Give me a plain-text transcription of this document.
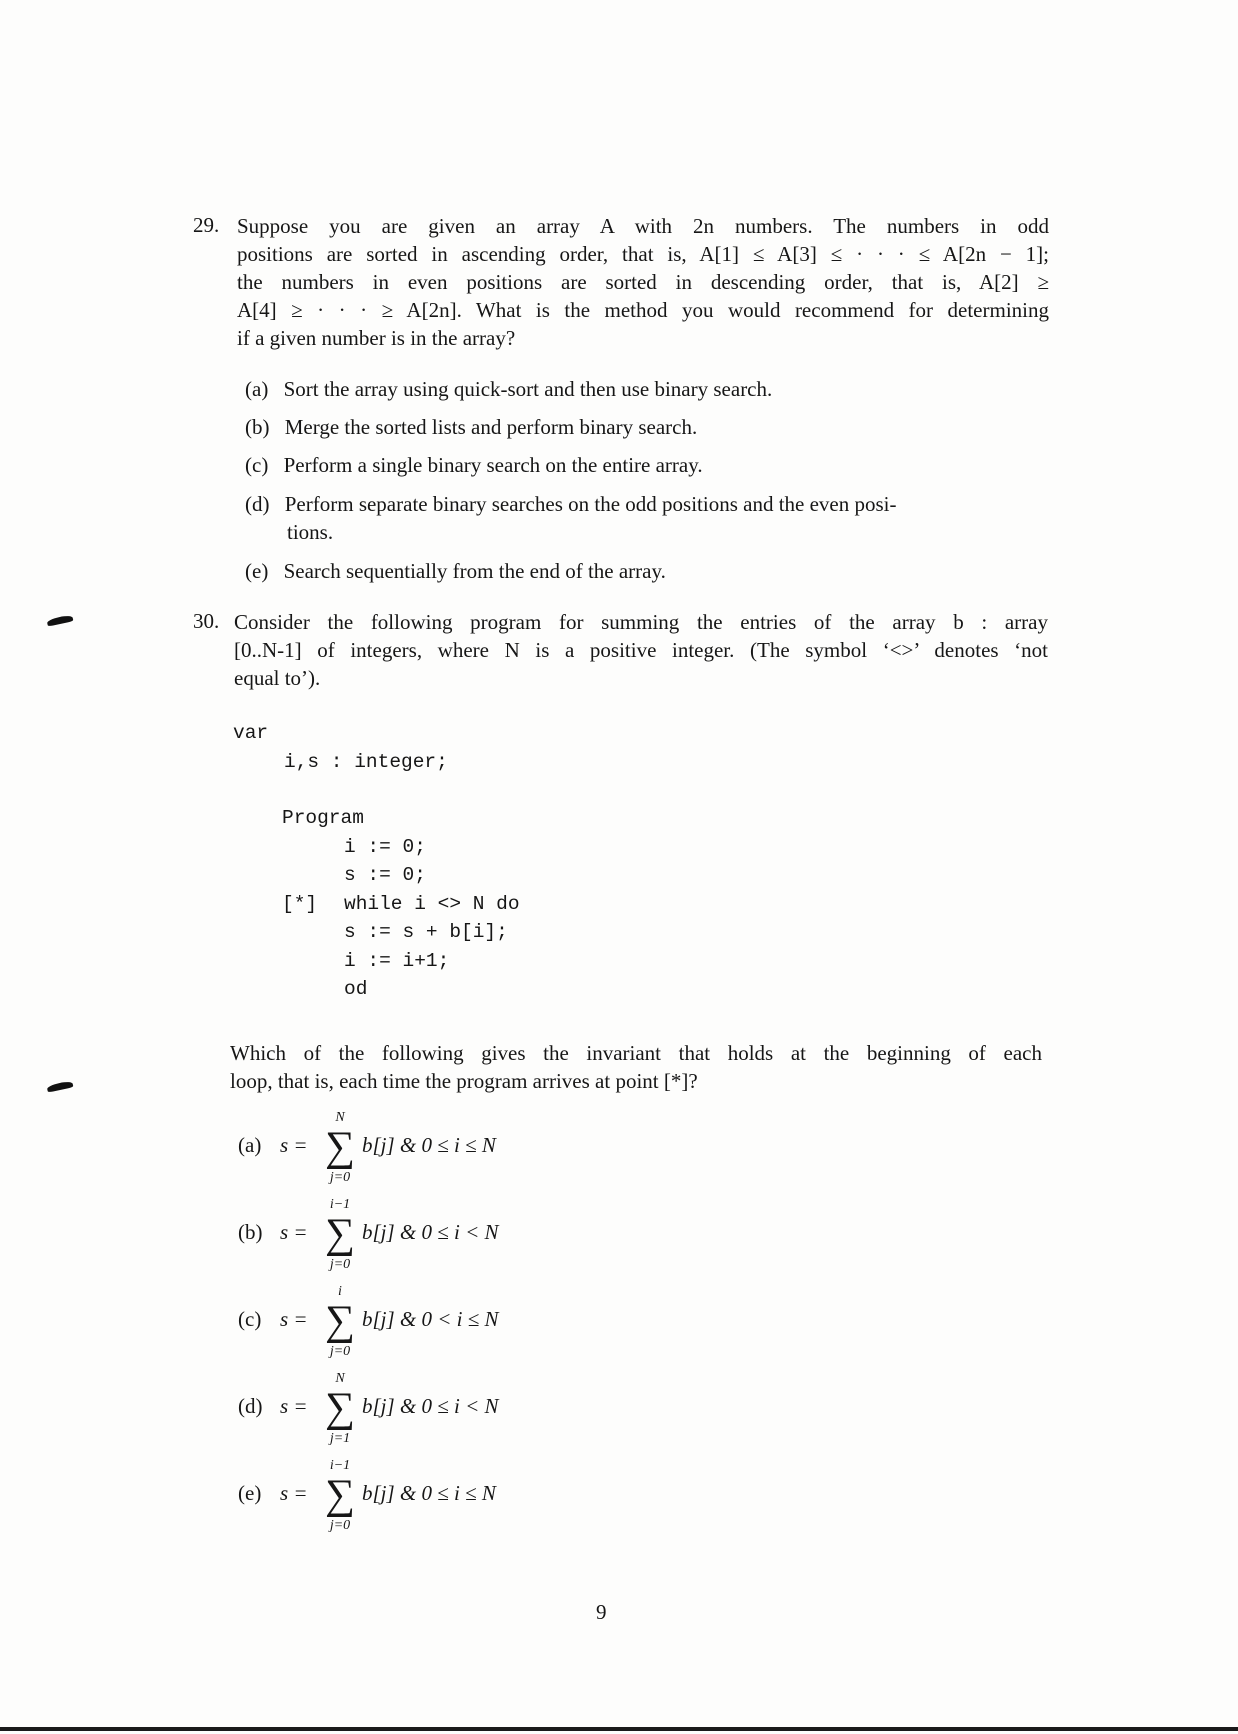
29. Suppose you are given an array A with 2n numbers. The numbers in odd
positions are sorted in ascending order, that is, A[1] ≤ A[3] ≤ · · · ≤ A[2n − 1];
the numbers in even positions are sorted in descending order, that is, A[2] ≥
A[4] ≥ · · · ≥ A[2n]. What is the method you would recommend for determining
if a given number is in the array?
(a) Sort the array using quick-sort and then use binary search.
(b) Merge the sorted lists and perform binary search.
(c) Perform a single binary search on the entire array.
(d) Perform separate binary searches on the odd positions and the even posi-
tions.
(e) Search sequentially from the end of the array.
30. Consider the following program for summing the entries of the array b : array
[0..N-1] of integers, where N is a positive integer. (The symbol ‘<>’ denotes ‘not
equal to’).
var
i,s : integer;
Program
i := 0;
s := 0;
[*] while i <> N do
s := s + b[i];
i := i+1;
od
Which of the following gives the invariant that holds at the beginning of each
loop, that is, each time the program arrives at point [*]?
(a) s =
N
∑
j=0
b[j] & 0 ≤ i ≤ N
(b) s =
i−1
∑
j=0
b[j] & 0 ≤ i < N
(c) s =
i
∑
j=0
b[j] & 0 < i ≤ N
(d) s =
N
∑
j=1
b[j] & 0 ≤ i < N
(e) s =
i−1
∑
j=0
b[j] & 0 ≤ i ≤ N
9
